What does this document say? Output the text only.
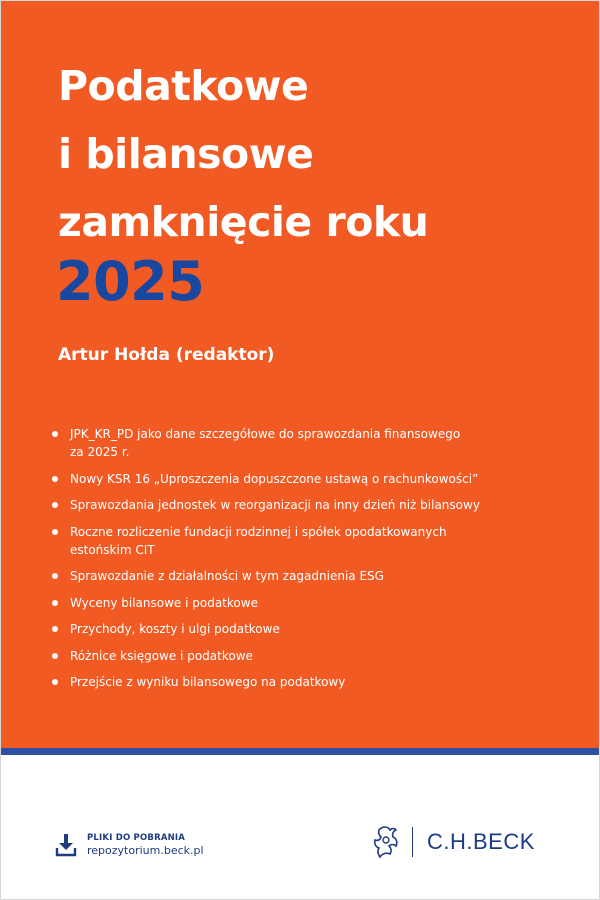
Podatkowe
i bilansowe
zamknięcie roku
2025
Artur Hołda (redaktor)
JPK_KR_PD jako dane szczegółowe do sprawozdania finansowego
za 2025 r.
Nowy KSR 16 „Uproszczenia dopuszczone ustawą o rachunkowości”
Sprawozdania jednostek w reorganizacji na inny dzień niż bilansowy
Roczne rozliczenie fundacji rodzinnej i spółek opodatkowanych
estońskim CIT
Sprawozdanie z działalności w tym zagadnienia ESG
Wyceny bilansowe i podatkowe
Przychody, koszty i ulgi podatkowe
Różnice księgowe i podatkowe
Przejście z wyniku bilansowego na podatkowy
PLIKI DO POBRANIA
repozytorium.beck.pl	C.H.BECK
